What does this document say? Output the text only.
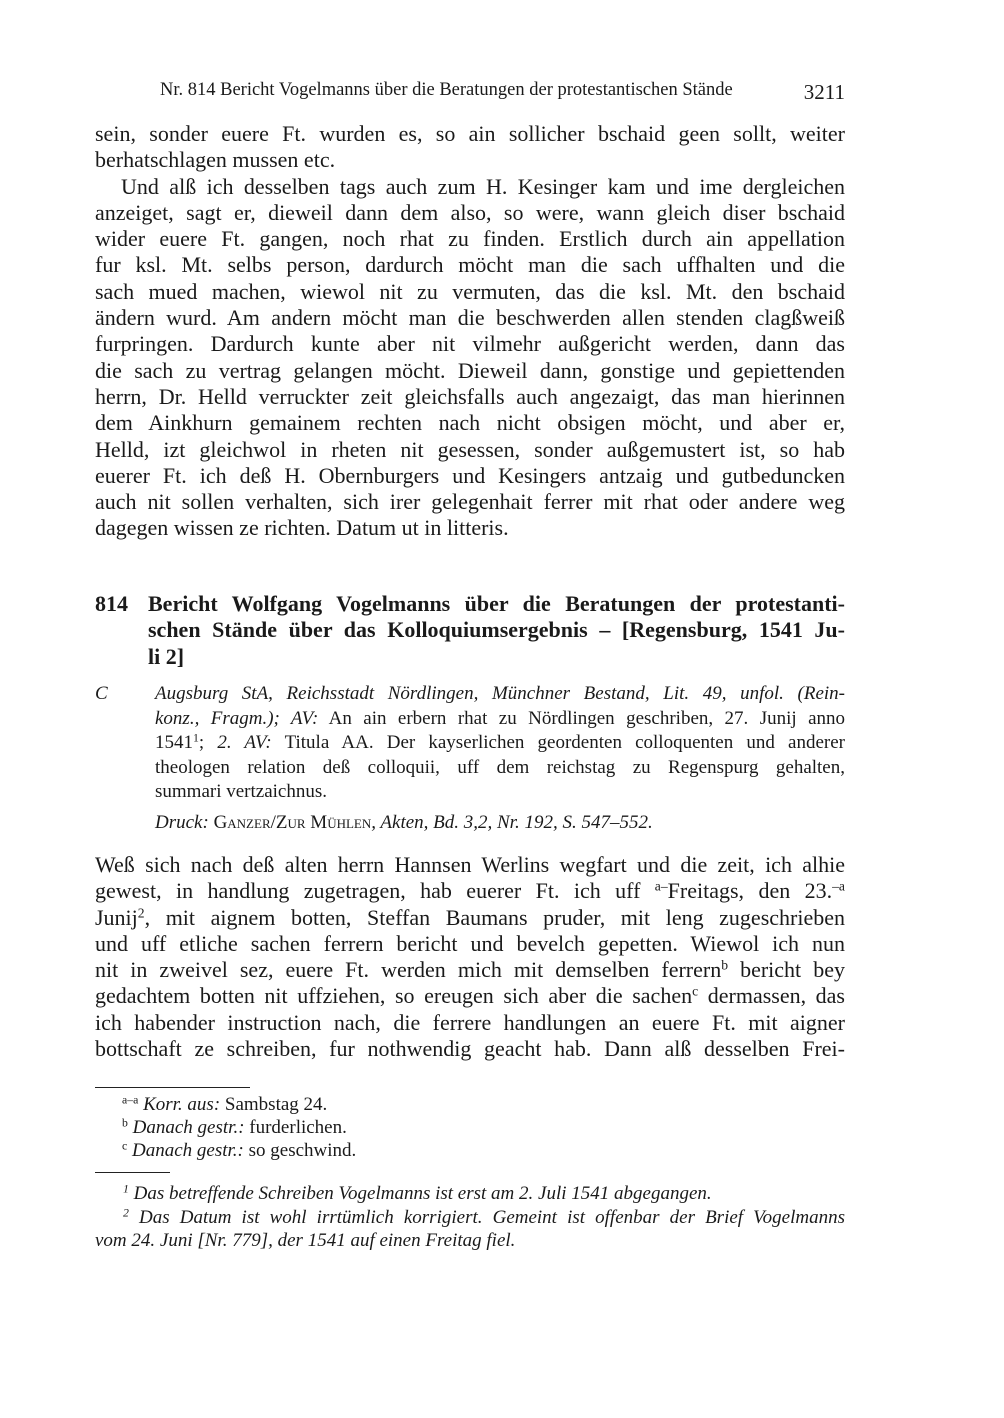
Nr. 814 Bericht Vogelmanns über die Beratungen der protestantischen Stände	3211
sein, sonder euere Ft. wurden es, so ain sollicher bschaid geen sollt, weiter
berhatschlagen mussen etc.
Und alß ich desselben tags auch zum H. Kesinger kam und ime dergleichen
anzeiget, sagt er, dieweil dann dem also, so were, wann gleich diser bschaid
wider euere Ft. gangen, noch rhat zu finden. Erstlich durch ain appellation
fur ksl. Mt. selbs person, dardurch möcht man die sach uffhalten und die
sach mued machen, wiewol nit zu vermuten, das die ksl. Mt. den bschaid
ändern wurd. Am andern möcht man die beschwerden allen stenden clagßweiß
furpringen. Dardurch kunte aber nit vilmehr außgericht werden, dann das
die sach zu vertrag gelangen möcht. Dieweil dann, gonstige und gepiettenden
herrn, Dr. Helld verruckter zeit gleichsfalls auch angezaigt, das man hierinnen
dem Ainkhurn gemainem rechten nach nicht obsigen möcht, und aber er,
Helld, izt gleichwol in rheten nit gesessen, sonder außgemustert ist, so hab
euerer Ft. ich deß H. Obernburgers und Kesingers antzaig und gutbeduncken
auch nit sollen verhalten, sich irer gelegenhait ferrer mit rhat oder andere weg
dagegen wissen ze richten. Datum ut in litteris.
814 Bericht Wolfgang Vogelmanns über die Beratungen der protestanti-
schen Stände über das Kolloquiumsergebnis – [Regensburg, 1541 Ju-
li 2]
C Augsburg StA, Reichsstadt Nördlingen, Münchner Bestand, Lit. 49, unfol. (Rein-
konz., Fragm.); AV: An ain erbern rhat zu Nördlingen geschriben, 27. Junij anno
1541$^1$; 2. AV: Titula AA. Der kayserlichen geordenten colloquenten und anderer
theologen relation deß colloquii, uff dem reichstag zu Regenspurg gehalten,
summari vertzaichnus.
Druck: Ganzer/Zur Mühlen, Akten, Bd. 3,2, Nr. 192, S. 547–552.
Weß sich nach deß alten herrn Hannsen Werlins wegfart und die zeit, ich alhie
gewest, in handlung zugetragen, hab euerer Ft. ich uff $^{a-}$Freitags, den 23.$^{-a}$
Junij$^2$, mit aignem botten, Steffan Baumans pruder, mit leng zugeschrieben
und uff etliche sachen ferrern bericht und bevelch gepetten. Wiewol ich nun
nit in zweivel sez, euere Ft. werden mich mit demselben ferrern$^b$ bericht bey
gedachtem botten nit uffziehen, so ereugen sich aber die sachen$^c$ dermassen, das
ich habender instruction nach, die ferrere handlungen an euere Ft. mit aigner
bottschaft ze schreiben, fur nothwendig geacht hab. Dann alß desselben Frei-
$^{a-a}$ Korr. aus: Sambstag 24.
$^b$ Danach gestr.: furderlichen.
$^c$ Danach gestr.: so geschwind.
$^1$ Das betreffende Schreiben Vogelmanns ist erst am 2. Juli 1541 abgegangen.
$^2$ Das Datum ist wohl irrtümlich korrigiert. Gemeint ist offenbar der Brief Vogelmanns
vom 24. Juni [Nr. 779], der 1541 auf einen Freitag fiel.
